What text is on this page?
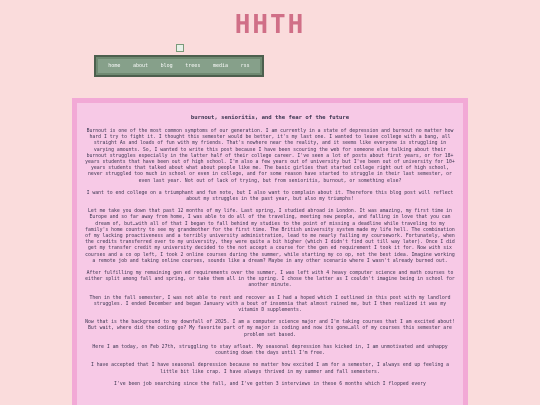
HHTH
home	about	blog	trees	media	rss
burnout, senioritis, and the fear of the future

Burnout is one of the most common symptoms of our generation. I am currently in a state of depression and burnout no matter how hard I try to fight it. I thought this semester would be better, it's my last one. I wanted to leave college with a bang, all straight As and loads of fun with my friends. That's nowhere near the reality, and it seems like everyone is struggling in varying amounts. So, I wanted to write this post because I have been scouring the web for someone else talking about their burnout struggles especially in the latter half of their college career. I've seen a lot of posts about first years, or for 18+ years students that have been out of high school. I'm also a few years out of university but I've been out of university for 10+ years students that talked about what about people like me. The basic girlies that started college right out of high school, never struggled too much in school or even in college, and for some reason have started to struggle in their last semester, or even last year. Not out of lack of trying, but from senioritis, burnout, or something else?

I want to end college on a triumphant and fun note, but I also want to complain about it. Therefore this blog post will reflect about my struggles in the past year, but also my triumphs!

Let me take you down that past 12 months of my life. Last spring, I studied abroad in London. It was amazing, my first time in Europe and so far away from home, I was able to do all of the traveling, meeting new people, and falling in love that you can dream of, but…with all of that I began to fall behind my studies to the point of missing a deadline while traveling to my family's home country to see my grandmother for the first time. The British university system made my life hell. The combination of my lacking proactiveness and a terribly university administration, lead to me nearly failing my coursework. Fortunately, when the credits transferred over to my university, they were quite a bit higher (which I didn't find out till way later). Once I did get my transfer credit my university decided to the not accept a course for the gen ed requirement I took it for. Now with six courses and a co op left, I took 2 online courses during the summer, while starting my co op, not the best idea. Imagine working a remote job and taking online courses, sounds like a dream? Maybe in any other scenario where I wasn't already burned out.

After fulfilling my remaining gen ed requirements over the summer, I was left with 4 heavy computer science and math courses to either split among fall and spring, or take them all in the spring. I chose the latter as I couldn't imagine being in school for another minute.

Then in the fall semester, I was not able to rest and recover as I had a hoped which I outlined in this post with my landlord struggles. I ended December and began January with a bout of insomnia that almost ruined me, but I then realized it was my vitamin D supplements.

Now that is the background to my downfall of 2025. I am a computer science major and I'm taking courses that I am excited about! But wait, where did the coding go? My favorite part of my major is coding and now its gone…all of my courses this semester are problem set based.

Here I am today, on Feb 27th, struggling to stay afloat. My seasonal depression has kicked in, I am unmotivated and unhappy counting down the days until I'm free.

I have accepted that I have seasonal depression because no matter how excited I am for a semester, I always end up feeling a little bit like crap. I have always thrived in my summer and fall semesters.

I've been job searching since the fall, and I've gotten 3 interviews in these 6 months which I flopped every
